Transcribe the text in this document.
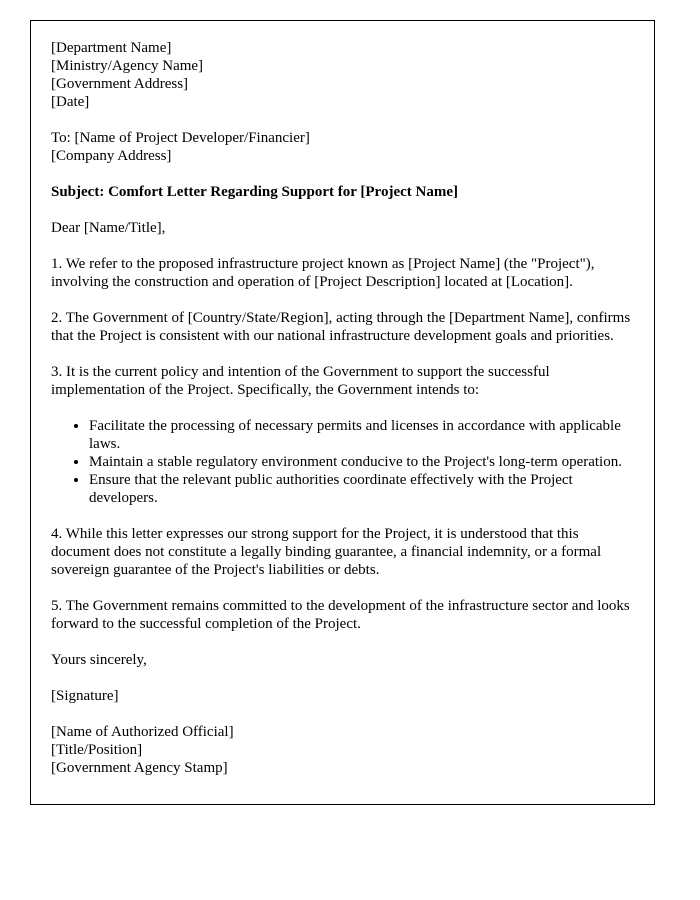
[Department Name]

[Ministry/Agency Name]

[Government Address]

[Date]

To: [Name of Project Developer/Financier]

[Company Address]

Subject: Comfort Letter Regarding Support for [Project Name]

Dear [Name/Title],

1. We refer to the proposed infrastructure project known as [Project Name] (the "Project"), involving the construction and operation of [Project Description] located at [Location].

2. The Government of [Country/State/Region], acting through the [Department Name], confirms that the Project is consistent with our national infrastructure development goals and priorities.

3. It is the current policy and intention of the Government to support the successful implementation of the Project. Specifically, the Government intends to:

• Facilitate the processing of necessary permits and licenses in accordance with applicable laws.
• Maintain a stable regulatory environment conducive to the Project's long-term operation.
• Ensure that the relevant public authorities coordinate effectively with the Project developers.

4. While this letter expresses our strong support for the Project, it is understood that this document does not constitute a legally binding guarantee, a financial indemnity, or a formal sovereign guarantee of the Project's liabilities or debts.

5. The Government remains committed to the development of the infrastructure sector and looks forward to the successful completion of the Project.

Yours sincerely,

[Signature]

[Name of Authorized Official]

[Title/Position]

[Government Agency Stamp]
